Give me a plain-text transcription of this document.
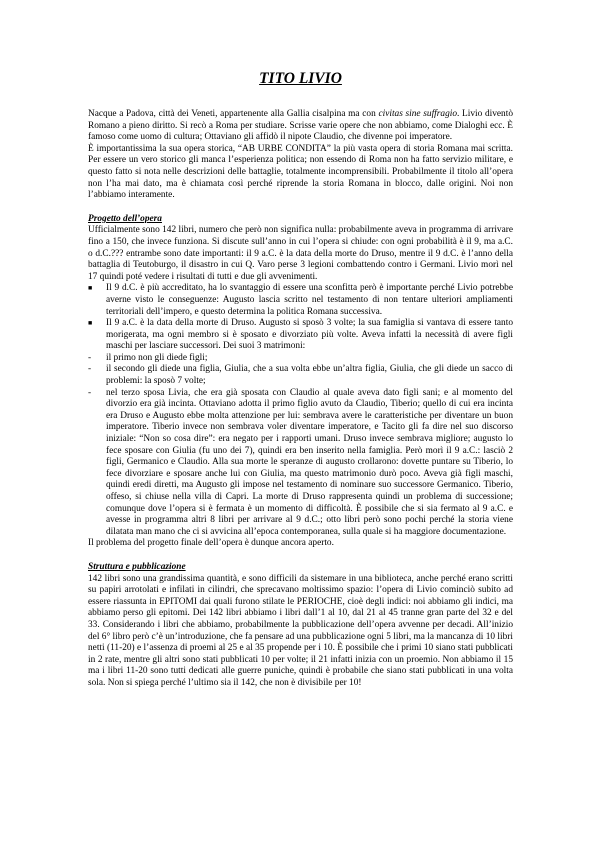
TITO LIVIO

Nacque a Padova, città dei Veneti, appartenente alla Gallia cisalpina ma con civitas sine suffragio. Livio diventò Romano a pieno diritto. Si recò a Roma per studiare. Scrisse varie opere che non abbiamo, come Dialoghi ecc. È famoso come uomo di cultura; Ottaviano gli affidò il nipote Claudio, che divenne poi imperatore.

È importantissima la sua opera storica, “AB URBE CONDITA” la più vasta opera di storia Romana mai scritta. Per essere un vero storico gli manca l’esperienza politica; non essendo di Roma non ha fatto servizio militare, e questo fatto si nota nelle descrizioni delle battaglie, totalmente incomprensibili. Probabilmente il titolo all’opera non l’ha mai dato, ma è chiamata così perché riprende la storia Romana in blocco, dalle origini. Noi non l’abbiamo interamente.

Progetto dell’opera

Ufficialmente sono 142 libri, numero che però non significa nulla: probabilmente aveva in programma di arrivare fino a 150, che invece funziona. Si discute sull’anno in cui l’opera si chiude: con ogni probabilità è il 9, ma a.C. o d.C.??? entrambe sono date importanti: il 9 a.C. è la data della morte do Druso, mentre il 9 d.C. è l’anno della battaglia di Teutoburgo, il disastro in cui Q. Varo perse 3 legioni combattendo contro i Germani. Livio morì nel 17 quindi poté vedere i risultati di tutti e due gli avvenimenti.

■	Il 9 d.C. è più accreditato, ha lo svantaggio di essere una sconfitta però è importante perché Livio potrebbe averne visto le conseguenze: Augusto lascia scritto nel testamento di non tentare ulteriori ampliamenti territoriali dell’impero, e questo determina la politica Romana successiva.
■	Il 9 a.C. è la data della morte di Druso. Augusto si sposò 3 volte; la sua famiglia si vantava di essere tanto morigerata, ma ogni membro si è sposato e divorziato più volte. Aveva infatti la necessità di avere figli maschi per lasciare successori. Dei suoi 3 matrimoni:
-	il primo non gli diede figli;
-	il secondo gli diede una figlia, Giulia, che a sua volta ebbe un’altra figlia, Giulia, che gli diede un sacco di problemi: la sposò 7 volte;
-	nel terzo sposa Livia, che era già sposata con Claudio al quale aveva dato figli sani; e al momento del divorzio era già incinta. Ottaviano adotta il primo figlio avuto da Claudio, Tiberio; quello di cui era incinta era Druso e Augusto ebbe molta attenzione per lui: sembrava avere le caratteristiche per diventare un buon imperatore. Tiberio invece non sembrava voler diventare imperatore, e Tacito gli fa dire nel suo discorso iniziale: “Non so cosa dire”: era negato per i rapporti umani. Druso invece sembrava migliore; augusto lo fece sposare con Giulia (fu uno dei 7), quindi era ben inserito nella famiglia. Però morì il 9 a.C.: lasciò 2 figli, Germanico e Claudio. Alla sua morte le speranze di augusto crollarono: dovette puntare su Tiberio, lo fece divorziare e sposare anche lui con Giulia, ma questo matrimonio durò poco. Aveva già figli maschi, quindi eredi diretti, ma Augusto gli impose nel testamento di nominare suo successore Germanico. Tiberio, offeso, si chiuse nella villa di Capri. La morte di Druso rappresenta quindi un problema di successione; comunque dove l’opera si è fermata è un momento di difficoltà. È possibile che si sia fermato al 9 a.C. e avesse in programma altri 8 libri per arrivare al 9 d.C.; otto libri però sono pochi perché la storia viene dilatata man mano che ci si avvicina all’epoca contemporanea, sulla quale si ha maggiore documentazione.

Il problema del progetto finale dell’opera è dunque ancora aperto.

Struttura e pubblicazione

142 libri sono una grandissima quantità, e sono difficili da sistemare in una biblioteca, anche perché erano scritti su papiri arrotolati e infilati in cilindri, che sprecavano moltissimo spazio: l’opera di Livio cominciò subito ad essere riassunta in EPITOMI dai quali furono stilate le PERIOCHE, cioè degli indici: noi abbiamo gli indici, ma abbiamo perso gli epitomi. Dei 142 libri abbiamo i libri dall’1 al 10, dal 21 al 45 tranne gran parte del 32 e del 33. Considerando i libri che abbiamo, probabilmente la pubblicazione dell’opera avvenne per decadi. All’inizio del 6° libro però c’è un’introduzione, che fa pensare ad una pubblicazione ogni 5 libri, ma la mancanza di 10 libri netti (11-20) e l’assenza di proemi al 25 e al 35 propende per i 10. È possibile che i primi 10 siano stati pubblicati in 2 rate, mentre gli altri sono stati pubblicati 10 per volte; il 21 infatti inizia con un proemio. Non abbiamo il 15 ma i libri 11-20 sono tutti dedicati alle guerre puniche, quindi è probabile che siano stati pubblicati in una volta sola. Non si spiega perché l’ultimo sia il 142, che non è divisibile per 10!
